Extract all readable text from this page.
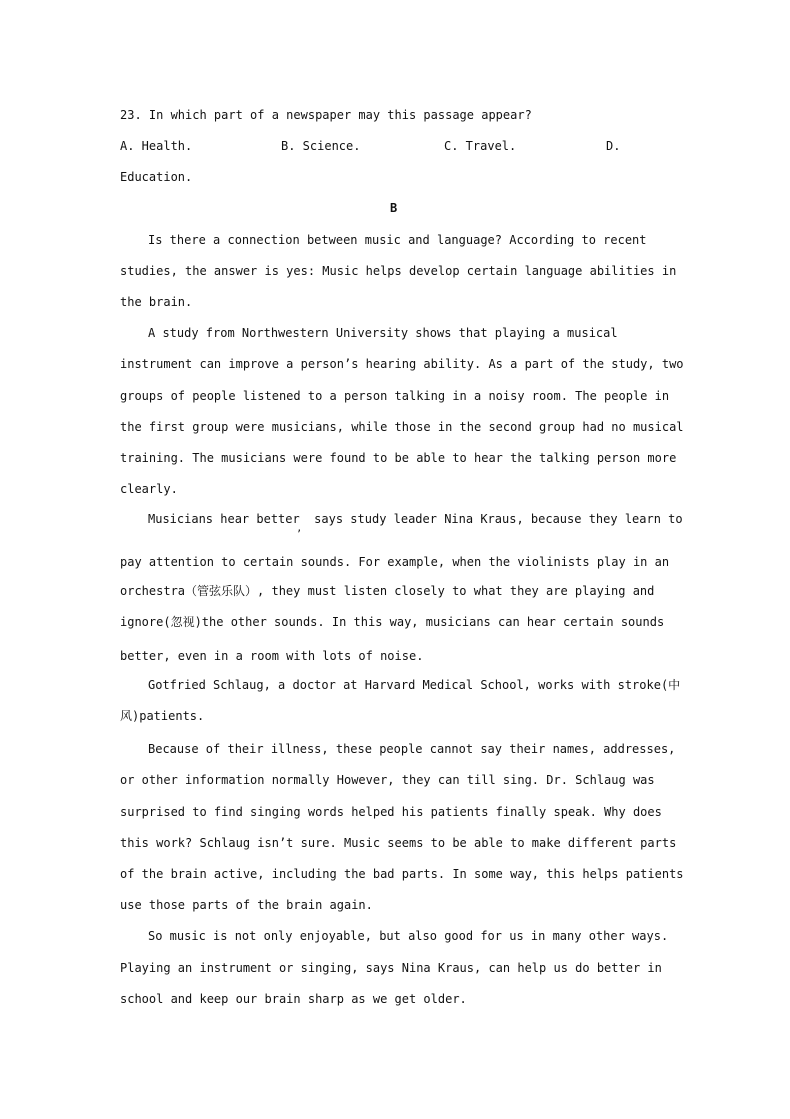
23. In which part of a newspaper may this passage appear?
A. Health.	B. Science.	C. Travel.	D.
Education.
B
Is there a connection between music and language? According to recent
studies, the answer is yes: Music helps develop certain language abilities in
the brain.
A study from Northwestern University shows that playing a musical
instrument can improve a person’s hearing ability. As a part of the study, two
groups of people listened to a person talking in a noisy room. The people in
the first group were musicians, while those in the second group had no musical
training. The musicians were found to be able to hear the talking person more
clearly.
Musicians hear better  says study leader Nina Kraus, because they learn to
’
pay attention to certain sounds. For example, when the violinists play in an
orchestra（管弦乐队）, they must listen closely to what they are playing and
ignore(忽视)the other sounds. In this way, musicians can hear certain sounds
better, even in a room with lots of noise.
Gotfried Schlaug, a doctor at Harvard Medical School, works with stroke(中
风)patients.
Because of their illness, these people cannot say their names, addresses,
or other information normally However, they can till sing. Dr. Schlaug was
surprised to find singing words helped his patients finally speak. Why does
this work? Schlaug isn’t sure. Music seems to be able to make different parts
of the brain active, including the bad parts. In some way, this helps patients
use those parts of the brain again.
So music is not only enjoyable, but also good for us in many other ways.
Playing an instrument or singing, says Nina Kraus, can help us do better in
school and keep our brain sharp as we get older.
